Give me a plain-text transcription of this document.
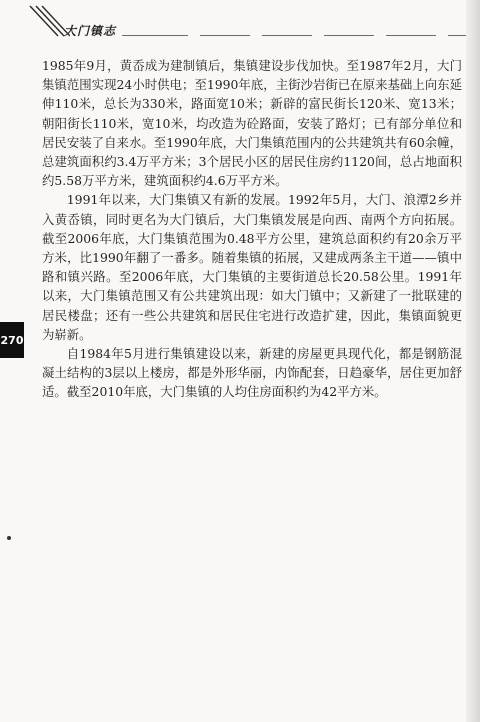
大门镇志

1985年9月，黄岙成为建制镇后，集镇建设步伐加快。至1987年2月，大门集镇范围实现24小时供电；至1990年底，主街沙岩街已在原来基础上向东延伸110米，总长为330米，路面宽10米；新辟的富民街长120米、宽13米；朝阳街长110米，宽10米，均改造为砼路面，安装了路灯；已有部分单位和居民安装了自来水。至1990年底，大门集镇范围内的公共建筑共有60余幢，总建筑面积约3.4万平方米；3个居民小区的居民住房约1120间，总占地面积约5.58万平方米，建筑面积约4.6万平方米。

1991年以来，大门集镇又有新的发展。1992年5月，大门、浪潭2乡并入黄岙镇，同时更名为大门镇后，大门集镇发展是向西、南两个方向拓展。截至2006年底，大门集镇范围为0.48平方公里，建筑总面积约有20余万平方米，比1990年翻了一番多。随着集镇的拓展，又建成两条主干道——镇中路和镇兴路。至2006年底，大门集镇的主要街道总长20.58公里。1991年以来，大门集镇范围又有公共建筑出现：如大门镇中；又新建了一批联建的居民楼盘；还有一些公共建筑和居民住宅进行改造扩建，因此，集镇面貌更为崭新。

自1984年5月进行集镇建设以来，新建的房屋更具现代化，都是钢筋混凝土结构的3层以上楼房，都是外形华丽，内饰配套，日趋豪华，居住更加舒适。截至2010年底，大门集镇的人均住房面积约为42平方米。

270
